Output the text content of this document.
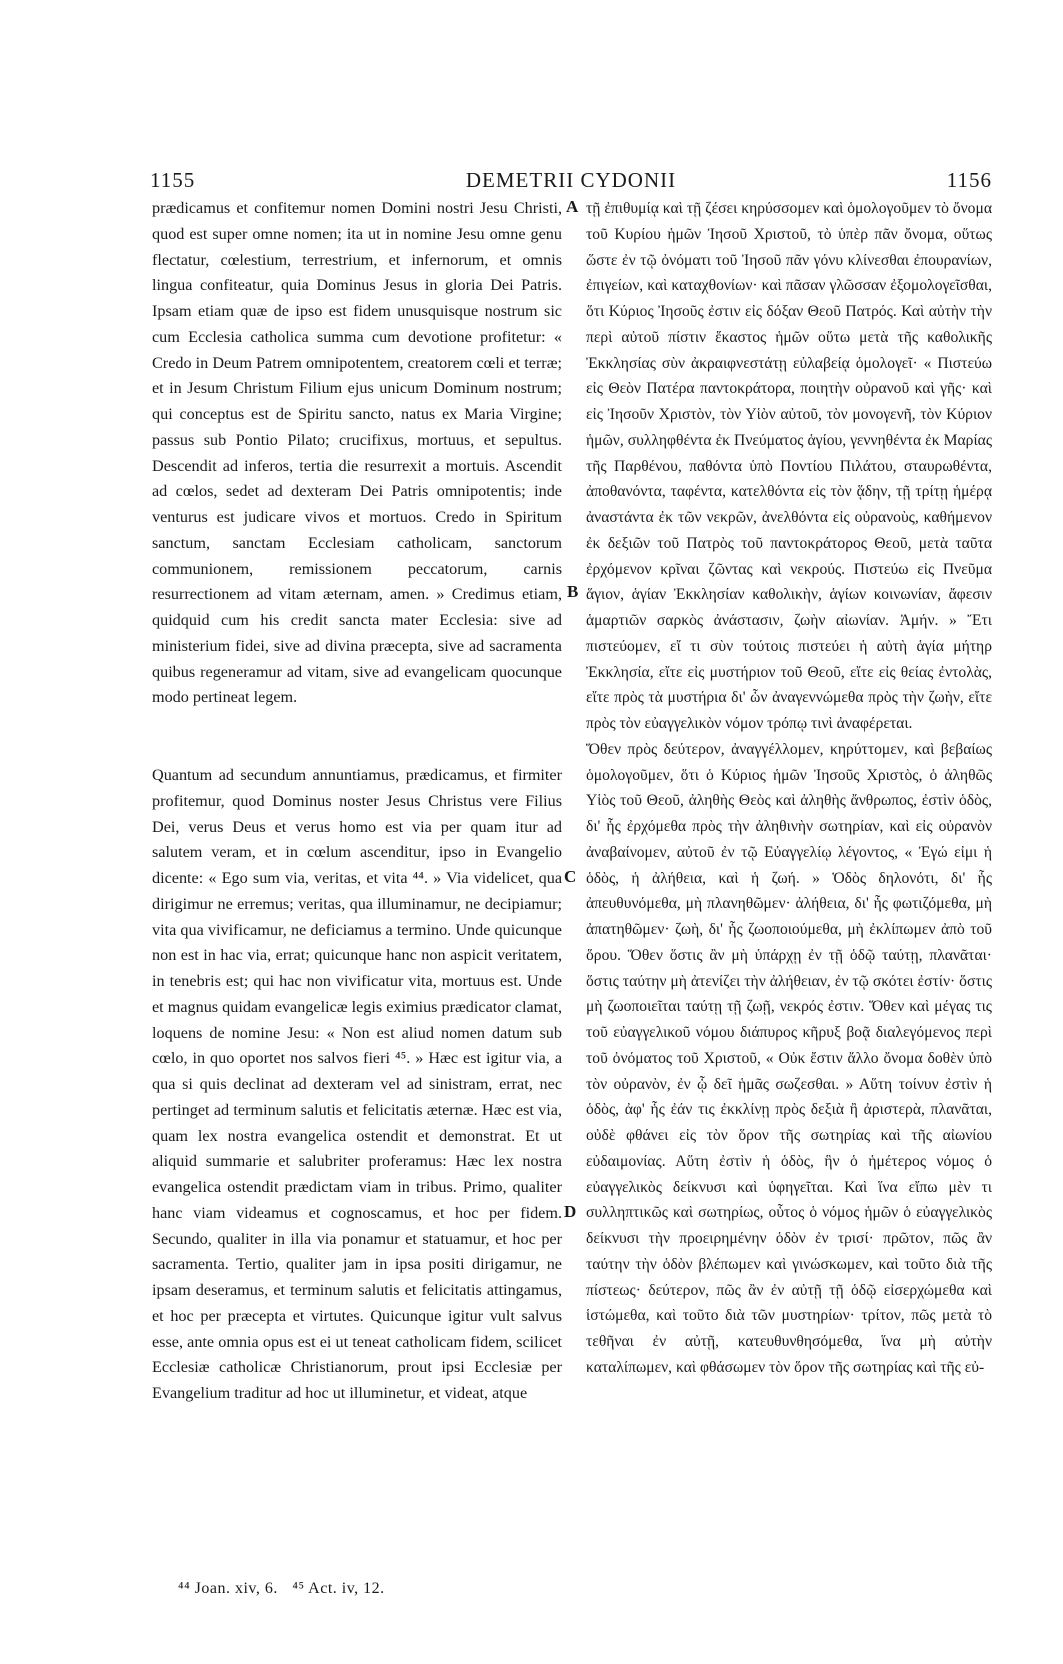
1155	DEMETRII CYDONII	1156

prædicamus et confitemur nomen Domini nostri Jesu Christi, quod est super omne nomen; ita ut in nomine Jesu omne genu flectatur, cœlestium, terrestrium, et infernorum, et omnis lingua confiteatur, quia Dominus Jesus in gloria Dei Patris. Ipsam etiam quæ de ipso est fidem unusquisque nostrum sic cum Ecclesia catholica summa cum devotione profitetur: « Credo in Deum Patrem omnipotentem, creatorem cœli et terræ; et in Jesum Christum Filium ejus unicum Dominum nostrum; qui conceptus est de Spiritu sancto, natus ex Maria Virgine; passus sub Pontio Pilato; crucifixus, mortuus, et sepultus. Descendit ad inferos, tertia die resurrexit a mortuis. Ascendit ad cœlos, sedet ad dexteram Dei Patris omnipotentis; inde venturus est judicare vivos et mortuos. Credo in Spiritum sanctum, sanctam Ecclesiam catholicam, sanctorum communionem, remissionem peccatorum, carnis resurrectionem ad vitam æternam, amen. » Credimus etiam, quidquid cum his credit sancta mater Ecclesia: sive ad ministerium fidei, sive ad divina præcepta, sive ad sacramenta quibus regeneramur ad vitam, sive ad evangelicam quocunque modo pertineat legem.

Quantum ad secundum annuntiamus, prædicamus, et firmiter profitemur, quod Dominus noster Jesus Christus vere Filius Dei, verus Deus et verus homo est via per quam itur ad salutem veram, et in cœlum ascenditur, ipso in Evangelio dicente: « Ego sum via, veritas, et vita ⁴⁴. » Via videlicet, qua dirigimur ne erremus; veritas, qua illuminamur, ne decipiamur; vita qua vivificamur, ne deficiamus a termino. Unde quicunque non est in hac via, errat; quicunque hanc non aspicit veritatem, in tenebris est; qui hac non vivificatur vita, mortuus est. Unde et magnus quidam evangelicæ legis eximius prædicator clamat, loquens de nomine Jesu: « Non est aliud nomen datum sub cœlo, in quo oportet nos salvos fieri ⁴⁵. » Hæc est igitur via, a qua si quis declinat ad dexteram vel ad sinistram, errat, nec pertinget ad terminum salutis et felicitatis æternæ. Hæc est via, quam lex nostra evangelica ostendit et demonstrat. Et ut aliquid summarie et salubriter proferamus: Hæc lex nostra evangelica ostendit prædictam viam in tribus. Primo, qualiter hanc viam videamus et cognoscamus, et hoc per fidem. Secundo, qualiter in illa via ponamur et statuamur, et hoc per sacramenta. Tertio, qualiter jam in ipsa positi dirigamur, ne ipsam deseramus, et terminum salutis et felicitatis attingamus, et hoc per præcepta et virtutes. Quicunque igitur vult salvus esse, ante omnia opus est ei ut teneat catholicam fidem, scilicet Ecclesiæ catholicæ Christianorum, prout ipsi Ecclesiæ per Evangelium traditur ad hoc ut illuminetur, et videat, atque

A
B
C
D

τῇ ἐπιθυμίᾳ καὶ τῇ ζέσει κηρύσσομεν καὶ ὁμολογοῦμεν τὸ ὄνομα τοῦ Κυρίου ἡμῶν Ἰησοῦ Χριστοῦ, τὸ ὑπὲρ πᾶν ὄνομα, οὕτως ὥστε ἐν τῷ ὀνόματι τοῦ Ἰησοῦ πᾶν γόνυ κλίνεσθαι ἐπουρανίων, ἐπιγείων, καὶ καταχθονίων· καὶ πᾶσαν γλῶσσαν ἐξομολογεῖσθαι, ὅτι Κύριος Ἰησοῦς ἐστιν εἰς δόξαν Θεοῦ Πατρός. Καὶ αὐτὴν τὴν περὶ αὐτοῦ πίστιν ἕκαστος ἡμῶν οὕτω μετὰ τῆς καθολικῆς Ἐκκλησίας σὺν ἀκραιφνεστάτῃ εὐλαβείᾳ ὁμολογεῖ· « Πιστεύω εἰς Θεὸν Πατέρα παντοκράτορα, ποιητὴν οὐρανοῦ καὶ γῆς· καὶ εἰς Ἰησοῦν Χριστὸν, τὸν Υἱὸν αὐτοῦ, τὸν μονογενῆ, τὸν Κύριον ἡμῶν, συλληφθέντα ἐκ Πνεύματος ἁγίου, γεννηθέντα ἐκ Μαρίας τῆς Παρθένου, παθόντα ὑπὸ Ποντίου Πιλάτου, σταυρωθέντα, ἀποθανόντα, ταφέντα, κατελθόντα εἰς τὸν ᾅδην, τῇ τρίτῃ ἡμέρᾳ ἀναστάντα ἐκ τῶν νεκρῶν, ἀνελθόντα εἰς οὐρανοὺς, καθήμενον ἐκ δεξιῶν τοῦ Πατρὸς τοῦ παντοκράτορος Θεοῦ, μετὰ ταῦτα ἐρχόμενον κρῖναι ζῶντας καὶ νεκρούς. Πιστεύω εἰς Πνεῦμα ἅγιον, ἁγίαν Ἐκκλησίαν καθολικὴν, ἁγίων κοινωνίαν, ἄφεσιν ἁμαρτιῶν σαρκὸς ἀνάστασιν, ζωὴν αἰωνίαν. Ἀμήν. » Ἔτι πιστεύομεν, εἴ τι σὺν τούτοις πιστεύει ἡ αὐτὴ ἁγία μήτηρ Ἐκκλησία, εἴτε εἰς μυστήριον τοῦ Θεοῦ, εἴτε εἰς θείας ἐντολὰς, εἴτε πρὸς τὰ μυστήρια δι' ὧν ἀναγεννώμεθα πρὸς τὴν ζωὴν, εἴτε πρὸς τὸν εὐαγγελικὸν νόμον τρόπῳ τινὶ ἀναφέρεται.

Ὅθεν πρὸς δεύτερον, ἀναγγέλλομεν, κηρύττομεν, καὶ βεβαίως ὁμολογοῦμεν, ὅτι ὁ Κύριος ἡμῶν Ἰησοῦς Χριστὸς, ὁ ἀληθῶς Υἱὸς τοῦ Θεοῦ, ἀληθὴς Θεὸς καὶ ἀληθὴς ἄνθρωπος, ἐστὶν ὁδὸς, δι' ἧς ἐρχόμεθα πρὸς τὴν ἀληθινὴν σωτηρίαν, καὶ εἰς οὐρανὸν ἀναβαίνομεν, αὐτοῦ ἐν τῷ Εὐαγγελίῳ λέγοντος, « Ἐγώ εἰμι ἡ ὁδὸς, ἡ ἀλήθεια, καὶ ἡ ζωή. » Ὁδὸς δηλονότι, δι' ἧς ἀπευθυνόμεθα, μὴ πλανηθῶμεν· ἀλήθεια, δι' ἧς φωτιζόμεθα, μὴ ἀπατηθῶμεν· ζωὴ, δι' ἧς ζωοποιούμεθα, μὴ ἐκλίπωμεν ἀπὸ τοῦ ὅρου. Ὅθεν ὅστις ἂν μὴ ὑπάρχῃ ἐν τῇ ὁδῷ ταύτῃ, πλανᾶται· ὅστις ταύτην μὴ ἀτενίζει τὴν ἀλήθειαν, ἐν τῷ σκότει ἐστίν· ὅστις μὴ ζωοποιεῖται ταύτῃ τῇ ζωῇ, νεκρός ἐστιν. Ὅθεν καὶ μέγας τις τοῦ εὐαγγελικοῦ νόμου διάπυρος κῆρυξ βοᾷ διαλεγόμενος περὶ τοῦ ὀνόματος τοῦ Χριστοῦ, « Οὐκ ἔστιν ἄλλο ὄνομα δοθὲν ὑπὸ τὸν οὐρανὸν, ἐν ᾧ δεῖ ἡμᾶς σωζεσθαι. » Αὕτη τοίνυν ἐστὶν ἡ ὁδὸς, ἀφ' ἧς ἐάν τις ἐκκλίνῃ πρὸς δεξιὰ ἢ ἀριστερὰ, πλανᾶται, οὐδὲ φθάνει εἰς τὸν ὅρον τῆς σωτηρίας καὶ τῆς αἰωνίου εὐδαιμονίας. Αὕτη ἐστὶν ἡ ὁδὸς, ἣν ὁ ἡμέτερος νόμος ὁ εὐαγγελικὸς δείκνυσι καὶ ὑφηγεῖται. Καὶ ἵνα εἴπω μὲν τι συλληπτικῶς καὶ σωτηρίως, οὗτος ὁ νόμος ἡμῶν ὁ εὐαγγελικὸς δείκνυσι τὴν προειρημένην ὁδὸν ἐν τρισί· πρῶτον, πῶς ἂν ταύτην τὴν ὁδὸν βλέπωμεν καὶ γινώσκωμεν, καὶ τοῦτο διὰ τῆς πίστεως· δεύτερον, πῶς ἂν ἐν αὐτῇ τῇ ὁδῷ εἰσερχώμεθα καὶ ἱστώμεθα, καὶ τοῦτο διὰ τῶν μυστηρίων· τρίτον, πῶς μετὰ τὸ τεθῆναι ἐν αὐτῇ, κατευθυνθησόμεθα, ἵνα μὴ αὐτὴν καταλίπωμεν, καὶ φθάσωμεν τὸν ὅρον τῆς σωτηρίας καὶ τῆς εὐ-

⁴⁴ Joan. xiv, 6. ⁴⁵ Act. iv, 12.
